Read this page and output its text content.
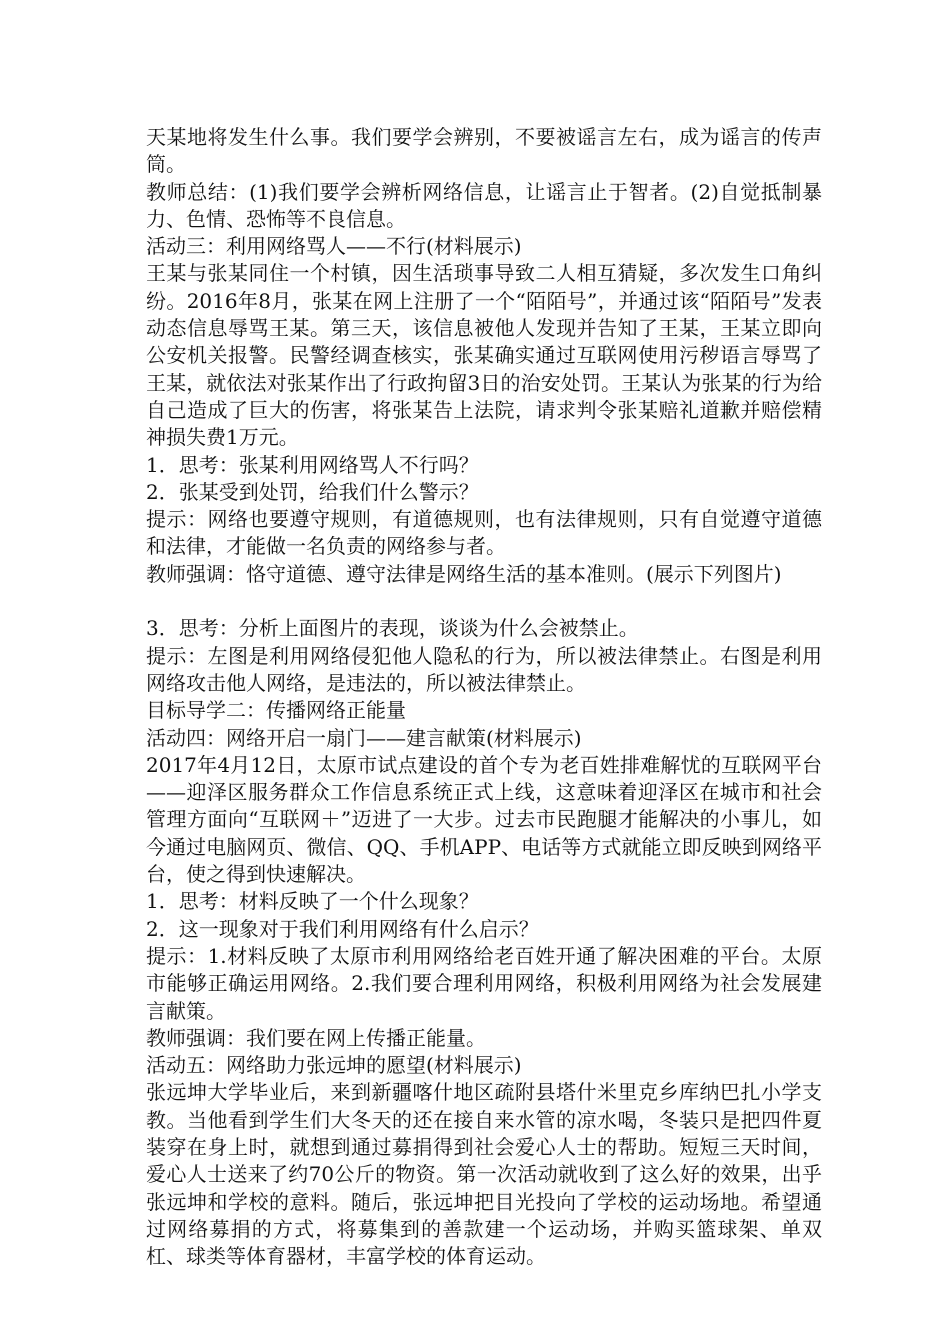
天某地将发生什么事。我们要学会辨别，不要被谣言左右，成为谣言的传声筒。

教师总结：(1)我们要学会辨析网络信息，让谣言止于智者。(2)自觉抵制暴力、色情、恐怖等不良信息。

活动三：利用网络骂人——不行(材料展示)

王某与张某同住一个村镇，因生活琐事导致二人相互猜疑，多次发生口角纠纷。2016年8月，张某在网上注册了一个“陌陌号”，并通过该“陌陌号”发表动态信息辱骂王某。第三天，该信息被他人发现并告知了王某，王某立即向公安机关报警。民警经调查核实，张某确实通过互联网使用污秽语言辱骂了王某，就依法对张某作出了行政拘留3日的治安处罚。王某认为张某的行为给自己造成了巨大的伤害，将张某告上法院，请求判令张某赔礼道歉并赔偿精神损失费1万元。

1．思考：张某利用网络骂人不行吗？

2．张某受到处罚，给我们什么警示？

提示：网络也要遵守规则，有道德规则，也有法律规则，只有自觉遵守道德和法律，才能做一名负责的网络参与者。

教师强调：恪守道德、遵守法律是网络生活的基本准则。(展示下列图片)

3．思考：分析上面图片的表现，谈谈为什么会被禁止。

提示：左图是利用网络侵犯他人隐私的行为，所以被法律禁止。右图是利用网络攻击他人网络，是违法的，所以被法律禁止。

目标导学二：传播网络正能量

活动四：网络开启一扇门——建言献策(材料展示)

2017年4月12日，太原市试点建设的首个专为老百姓排难解忧的互联网平台——迎泽区服务群众工作信息系统正式上线，这意味着迎泽区在城市和社会管理方面向“互联网＋”迈进了一大步。过去市民跑腿才能解决的小事儿，如今通过电脑网页、微信、QQ、手机APP、电话等方式就能立即反映到网络平台，使之得到快速解决。

1．思考：材料反映了一个什么现象？

2．这一现象对于我们利用网络有什么启示？

提示：1.材料反映了太原市利用网络给老百姓开通了解决困难的平台。太原市能够正确运用网络。2.我们要合理利用网络，积极利用网络为社会发展建言献策。

教师强调：我们要在网上传播正能量。

活动五：网络助力张远坤的愿望(材料展示)

张远坤大学毕业后，来到新疆喀什地区疏附县塔什米里克乡库纳巴扎小学支教。当他看到学生们大冬天的还在接自来水管的凉水喝，冬装只是把四件夏装穿在身上时，就想到通过募捐得到社会爱心人士的帮助。短短三天时间，爱心人士送来了约70公斤的物资。第一次活动就收到了这么好的效果，出乎张远坤和学校的意料。随后，张远坤把目光投向了学校的运动场地。希望通过网络募捐的方式，将募集到的善款建一个运动场，并购买篮球架、单双杠、球类等体育器材，丰富学校的体育运动。
